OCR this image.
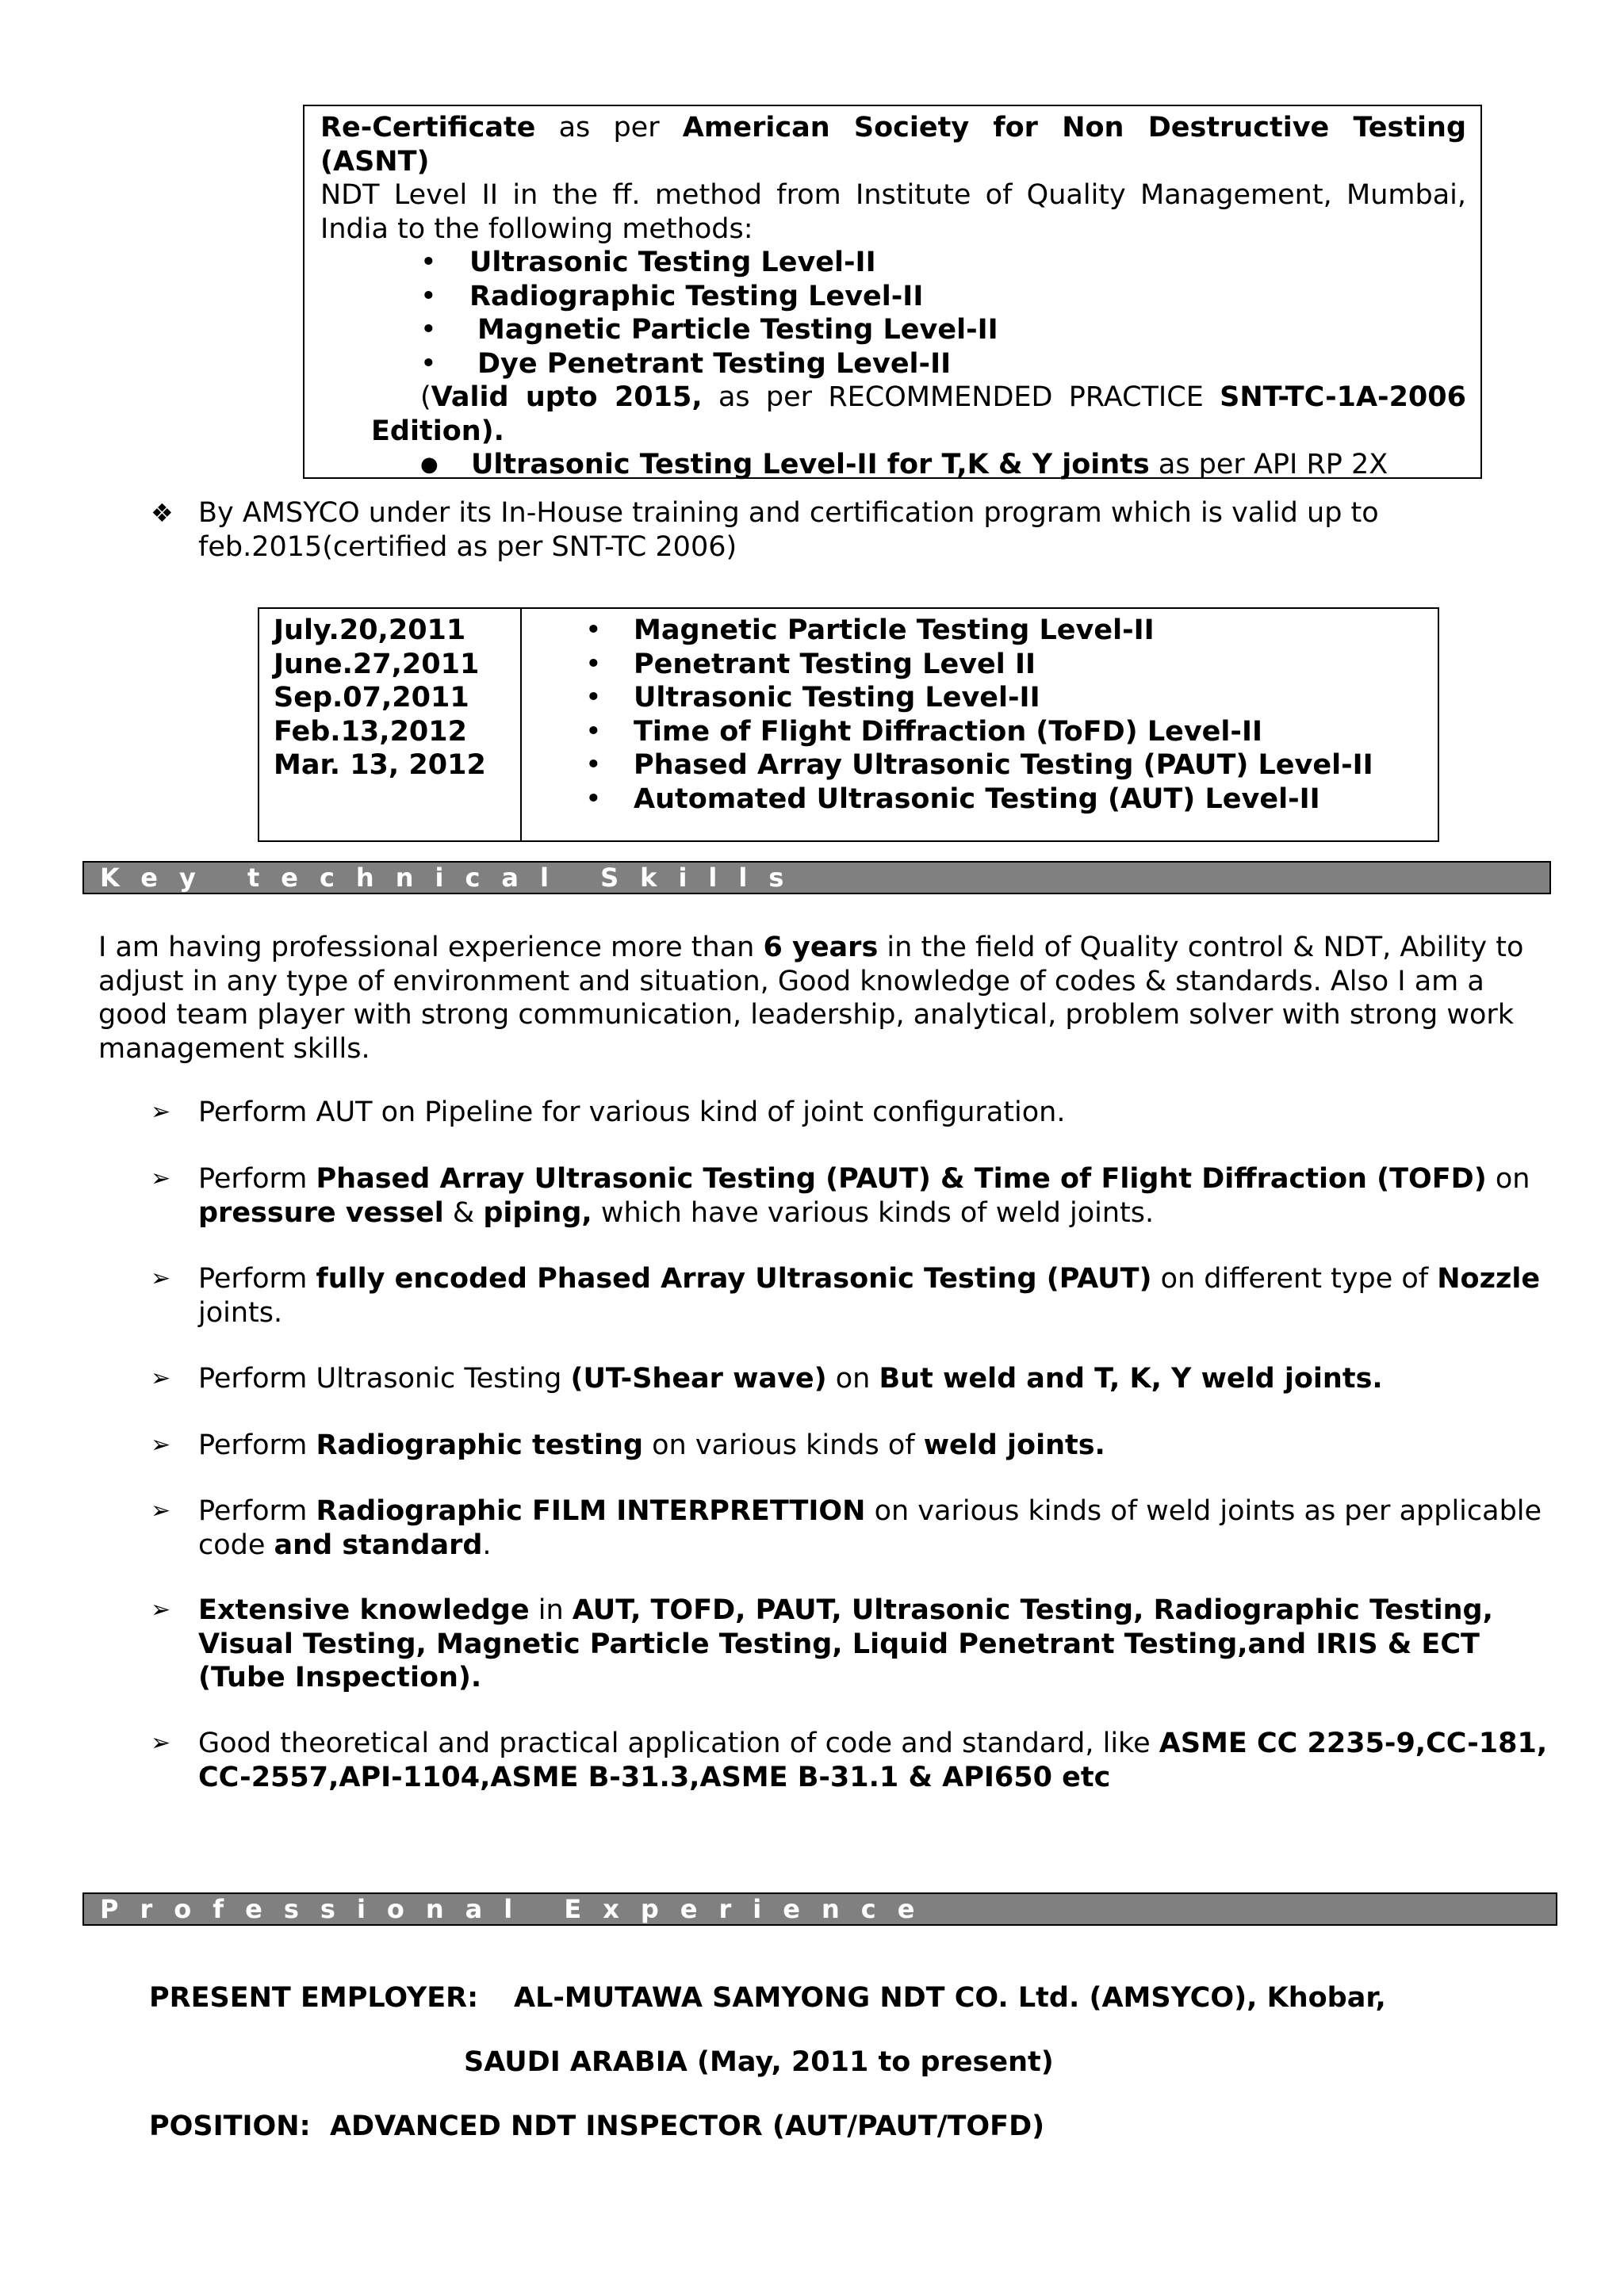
Re-Certificate as per American Society for Non Destructive Testing (ASNT)
NDT Level II in the ff. method from Institute of Quality Management, Mumbai,
India to the following methods:
• Ultrasonic Testing Level-II
• Radiographic Testing Level-II
• Magnetic Particle Testing Level-II
• Dye Penetrant Testing Level-II
(Valid upto 2015, as per RECOMMENDED PRACTICE SNT-TC-1A-2006
Edition).
● Ultrasonic Testing Level-II for T,K & Y joints as per API RP 2X
❖ By AMSYCO under its In-House training and certification program which is valid up to feb.2015(certified as per SNT-TC 2006)
July.20,2011
June.27,2011
Sep.07,2011
Feb.13,2012
Mar. 13, 2012
• Magnetic Particle Testing Level-II
• Penetrant Testing Level II
• Ultrasonic Testing Level-II
• Time of Flight Diffraction (ToFD) Level-II
• Phased Array Ultrasonic Testing (PAUT) Level-II
• Automated Ultrasonic Testing (AUT) Level-II
Key technical Skills
I am having professional experience more than 6 years in the field of Quality control & NDT, Ability to adjust in any type of environment and situation, Good knowledge of codes & standards. Also I am a good team player with strong communication, leadership, analytical, problem solver with strong work management skills.
➢ Perform AUT on Pipeline for various kind of joint configuration.
➢ Perform Phased Array Ultrasonic Testing (PAUT) & Time of Flight Diffraction (TOFD) on pressure vessel & piping, which have various kinds of weld joints.
➢ Perform fully encoded Phased Array Ultrasonic Testing (PAUT) on different type of Nozzle joints.
➢ Perform Ultrasonic Testing (UT-Shear wave) on But weld and T, K, Y weld joints.
➢ Perform Radiographic testing on various kinds of weld joints.
➢ Perform Radiographic FILM INTERPRETTION on various kinds of weld joints as per applicable code and standard.
➢ Extensive knowledge in AUT, TOFD, PAUT, Ultrasonic Testing, Radiographic Testing, Visual Testing, Magnetic Particle Testing, Liquid Penetrant Testing,and IRIS & ECT (Tube Inspection).
➢ Good theoretical and practical application of code and standard, like ASME CC 2235-9,CC-181, CC-2557,API-1104,ASME B-31.3,ASME B-31.1 & API650 etc
Professional Experience
PRESENT EMPLOYER: AL-MUTAWA SAMYONG NDT CO. Ltd. (AMSYCO), Khobar,
SAUDI ARABIA (May, 2011 to present)
POSITION:  ADVANCED NDT INSPECTOR (AUT/PAUT/TOFD)
